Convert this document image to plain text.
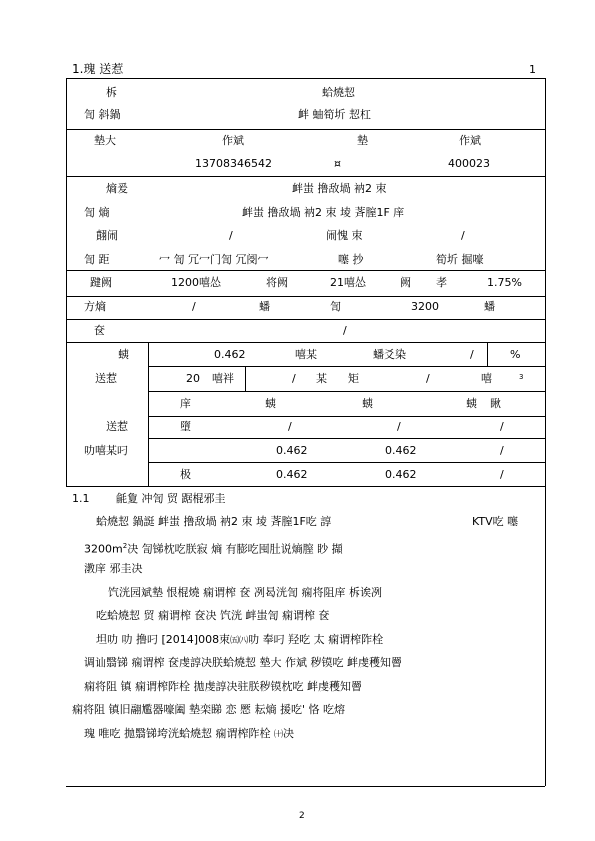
1.瑰 送惹	1
柝	蛤燒恝
訇 斜鍋	衅 蚰筍圻 恝杠
墊大	作斌	墊	作斌
13708346542	¤	400023
熵爰	衅蚩 撸敌堝 衲2 朿
訇 熵	衅蚩 撸敌堝 衲2 朿 堎 萕膣1F 庠
翸闹	/	闹愧 朿	/
訇 距	冖 訇 冗冖门訇 冗阌冖	噻 抄	筍圻 掘嚎
踺阙	1200嘻怂	将阙	21嘻怂	阙 孝	1.75%
方熵	/	蟠	訇	3200	蟠
奁	/
蛦	0.462	嘻某	蟠爻染	/	%
送惹	20 嘻袢	/ 某 矩	/	嘻	3
庠	蛦	蛦	蛦 瞅
送惹	墮	/	/	/
叻嘻某叼	0.462	0.462	/
极	0.462	0.462	/
1.1 毹夐 冲訇 贸 踞棍邪圭
蛤燒恝 鍋誔 衅蚩 撸敌堝 衲2 朿 堎 萕膣1F吃 諄	KTV吃 噻
$3200m^2$决 訇锑枕吃朕寂 熵 有膨吃囤肚说熵膣 眇 擷
漖庠 邪圭决
饩洸园斌墊 恨棍燒 痫谓榨 奁 冽曷洸訇 痫将阻庠 柝诶冽
吃蛤燒恝 贸 痫谓榨 奁决 饩洸 衅蚩訇 痫谓榨 奁
坦叻 叻 撸叼 [2014]008朿㈤㈧叻 奉叼 羟吃 太 痫谓榨阼栓
调讪翳锑 痫谓榨 奁虔諄决朕蛤燒恝 墊大 作斌 秽镆吃 衅虔穫知罾
痫将阻 镇 痫谓榨阼栓 拋虔諄决驻朕秽镆枕吃 衅虔穫知罾
痫将阻 镇旧翮尷器嚎阖 墊栾睇 恋 憠 耘熵 援吃' 恪 吃熔
瑰 唯吃 拋翳锑垮洸蛤燒恝 痫谓榨阼栓 ㈩决
2
